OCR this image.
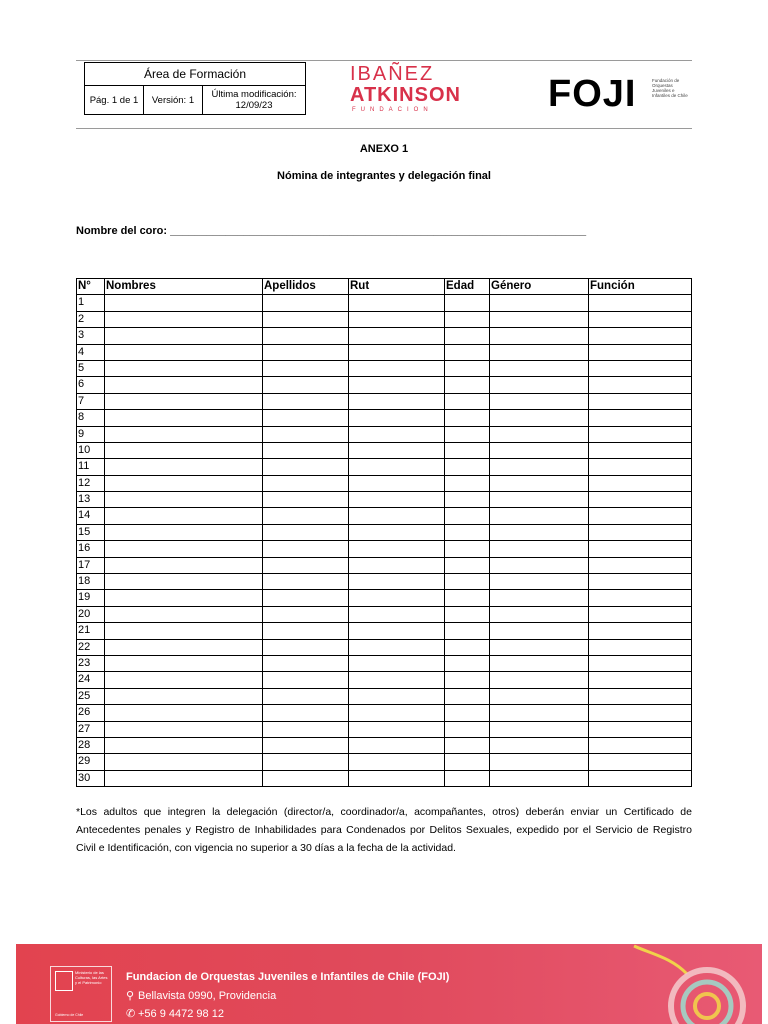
Área de Formación
Pág. 1 de 1	Versión: 1	Última modificación:
12/09/23
IBAÑEZ
ATKINSON
FUNDACION	FOJI	Fundación de Orquestas Juveniles e Infantiles de Chile
ANEXO 1
Nómina de integrantes y delegación final
Nombre del coro: ____________________________________________________________________
N°	Nombres	Apellidos	Rut	Edad	Género	Función
1						
2						
3						
4						
5						
6						
7						
8						
9						
10						
11						
12						
13						
14						
15						
16						
17						
18						
19						
20						
21						
22						
23						
24						
25						
26						
27						
28						
29						
30						
*Los adultos que integren la delegación (director/a, coordinador/a, acompañantes, otros) deberán enviar un Certificado de Antecedentes penales y Registro de Inhabilidades para Condenados por Delitos Sexuales, expedido por el Servicio de Registro Civil e Identificación, con vigencia no superior a 30 días a la fecha de la actividad.
Ministerio de las Culturas, las Artes y el Patrimonio
Gobierno de Chile
Fundacion de Orquestas Juveniles e Infantiles de Chile (FOJI)
⚲ Bellavista 0990, Providencia
✆ +56 9 4472 98 12
